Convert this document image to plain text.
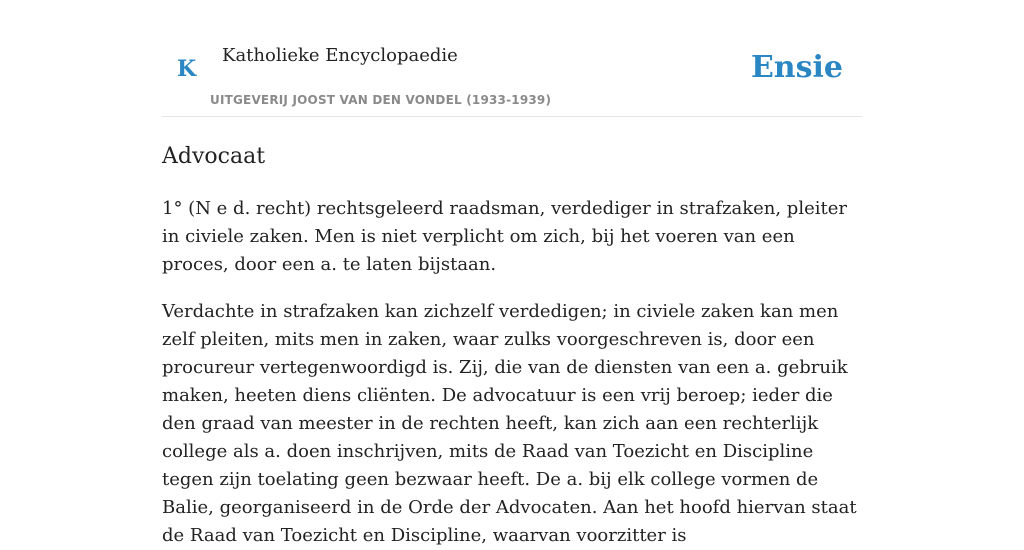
K
Katholieke Encyclopaedie
UITGEVERIJ JOOST VAN DEN VONDEL (1933-1939)
Ensie
Advocaat

1° (N e d. recht) rechtsgeleerd raadsman, verdediger in strafzaken, pleiter in civiele zaken. Men is niet verplicht om zich, bij het voeren van een proces, door een a. te laten bijstaan.

Verdachte in strafzaken kan zichzelf verdedigen; in civiele zaken kan men zelf pleiten, mits men in zaken, waar zulks voorgeschreven is, door een procureur vertegenwoordigd is. Zij, die van de diensten van een a. gebruik maken, heeten diens cliënten. De advocatuur is een vrij beroep; ieder die den graad van meester in de rechten heeft, kan zich aan een rechterlijk college als a. doen inschrijven, mits de Raad van Toezicht en Discipline tegen zijn toelating geen bezwaar heeft. De a. bij elk college vormen de Balie, georganiseerd in de Orde der Advocaten. Aan het hoofd hiervan staat de Raad van Toezicht en Discipline, waarvan voorzitter is
